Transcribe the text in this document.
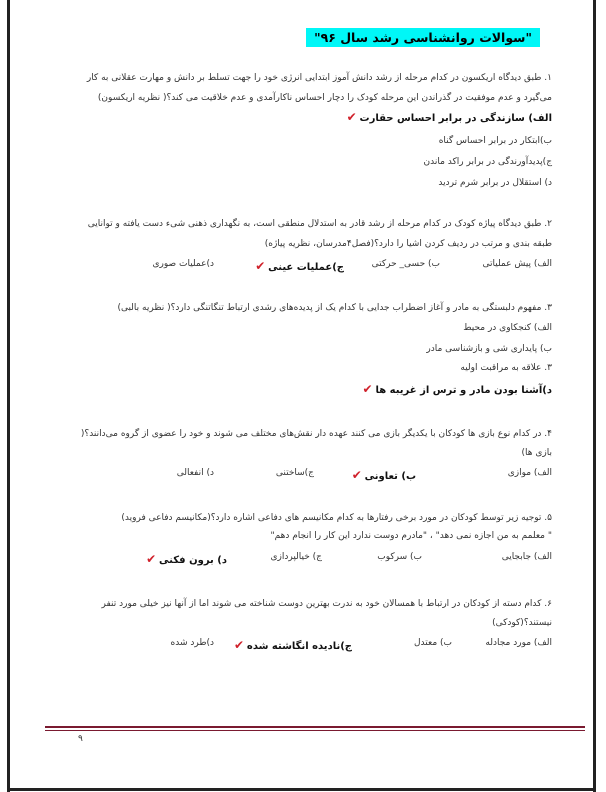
"سوالات روانشناسی رشد سال ۹۶"
۱. طبق دیدگاه اریکسون در کدام مرحله از رشد دانش آموز ابتدایی انرژی خود را جهت تسلط بر دانش و مهارت عقلانی به کار
می‌گیرد و عدم موفقیت در گذراندن این مرحله کودک را دچار احساس ناکارآمدی و عدم خلاقیت می کند؟( نظریه اریکسون)
الف) سازندگی در برابر احساس حقارت ✔
ب)ابتکار در برابر احساس گناه
ج)پدیدآورندگی در برابر راکد ماندن
د) استقلال در برابر شرم تردید
۲. طبق دیدگاه پیاژه کودک در کدام مرحله از رشد قادر به استدلال منطقی است، به نگهداری ذهنی شیء دست یافته و توانایی
طبقه بندی و مرتب در ردیف کردن اشیا را دارد؟(فصل۴مدرسان، نظریه پیاژه)
الف) پیش عملیاتی
ب) حسی_ حرکتی
ج)عملیات عینی ✔
د)عملیات صوری
۳. مفهوم دلبستگی به مادر و آغاز اضطراب جدایی با کدام یک از پدیده‌های رشدی ارتباط تنگاتنگی دارد؟( نظریه بالبی)
الف) کنجکاوی در محیط
ب) پایداری شی و بازشناسی مادر
۳. علاقه به مراقبت اولیه
د)آشنا بودن مادر و ترس از غریبه ها ✔
۴. در کدام نوع بازی ها کودکان با یکدیگر بازی می کنند عهده دار نقش‌های مختلف می شوند و خود را عضوی از گروه می‌دانند؟(
بازی ها)
الف) موازی
ب) تعاونی ✔
ج)ساختنی
د) انفعالی
۵. توجیه زیر توسط کودکان در مورد برخی رفتارها به کدام مکانیسم های دفاعی اشاره دارد؟(مکانیسم دفاعی فروید)
" معلمم به من اجازه نمی دهد" ، "مادرم دوست ندارد این کار را انجام دهم"
الف) جابجایی
ب) سرکوب
ج) خیالپردازی
د) برون فکنی ✔
۶. کدام دسته از کودکان در ارتباط با همسالان خود به ندرت بهترین دوست شناخته می شوند اما از آنها نیز خیلی مورد تنفر
نیستند؟(کودکی)
الف) مورد مجادله
ب) معتدل
ج)نادیده انگاشته شده ✔
د)طرد شده
۹
